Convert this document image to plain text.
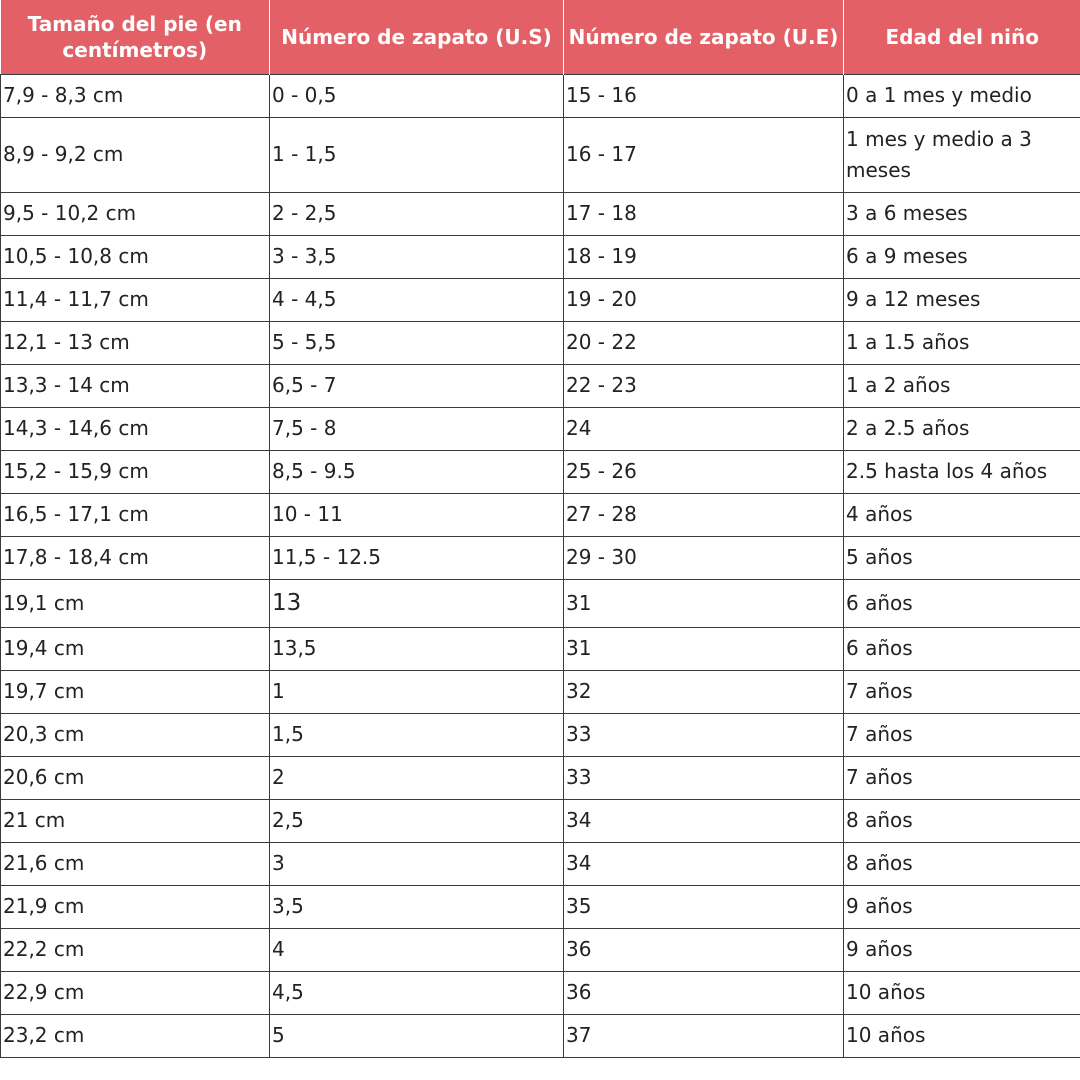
Tamaño del pie (en centímetros)	Número de zapato (U.S)	Número de zapato (U.E)	Edad del niño
7,9 - 8,3 cm	0 - 0,5	15 - 16	0 a 1 mes y medio
8,9 - 9,2 cm	1 - 1,5	16 - 17	1 mes y medio a 3 meses
9,5 - 10,2 cm	2 - 2,5	17 - 18	3 a 6 meses
10,5 - 10,8 cm	3 - 3,5	18 - 19	6 a 9 meses
11,4 - 11,7 cm	4 - 4,5	19 - 20	9 a 12 meses
12,1 - 13 cm	5 - 5,5	20 - 22	1 a 1.5 años
13,3 - 14 cm	6,5 - 7	22 - 23	1 a 2 años
14,3 - 14,6 cm	7,5 - 8	24	2 a 2.5 años
15,2 - 15,9 cm	8,5 - 9.5	25 - 26	2.5 hasta los 4 años
16,5 - 17,1 cm	10 - 11	27 - 28	4 años
17,8 - 18,4 cm	11,5 - 12.5	29 - 30	5 años
19,1 cm	13	31	6 años
19,4 cm	13,5	31	6 años
19,7 cm	1	32	7 años
20,3 cm	1,5	33	7 años
20,6 cm	2	33	7 años
21 cm	2,5	34	8 años
21,6 cm	3	34	8 años
21,9 cm	3,5	35	9 años
22,2 cm	4	36	9 años
22,9 cm	4,5	36	10 años
23,2 cm	5	37	10 años
